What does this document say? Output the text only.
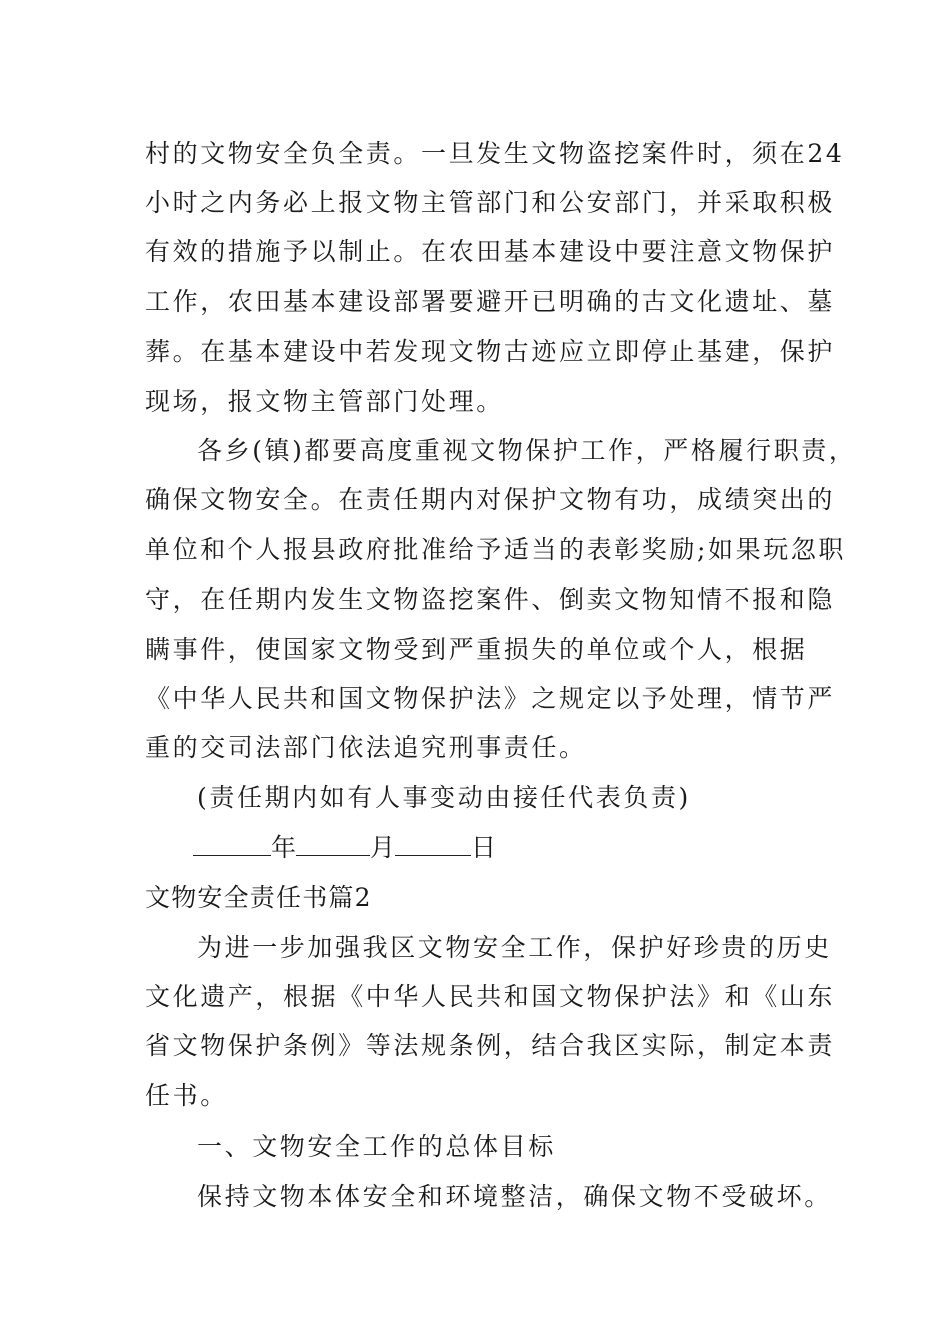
村的文物安全负全责。一旦发生文物盗挖案件时，须在24
小时之内务必上报文物主管部门和公安部门，并采取积极
有效的措施予以制止。在农田基本建设中要注意文物保护
工作，农田基本建设部署要避开已明确的古文化遗址、墓
葬。在基本建设中若发现文物古迹应立即停止基建，保护
现场，报文物主管部门处理。
各乡(镇)都要高度重视文物保护工作，严格履行职责，
确保文物安全。在责任期内对保护文物有功，成绩突出的
单位和个人报县政府批准给予适当的表彰奖励;如果玩忽职
守，在任期内发生文物盗挖案件、倒卖文物知情不报和隐
瞒事件，使国家文物受到严重损失的单位或个人，根据
《中华人民共和国文物保护法》之规定以予处理，情节严
重的交司法部门依法追究刑事责任。
(责任期内如有人事变动由接任代表负责)
年	月	日
文物安全责任书篇2
为进一步加强我区文物安全工作，保护好珍贵的历史
文化遗产，根据《中华人民共和国文物保护法》和《山东
省文物保护条例》等法规条例，结合我区实际，制定本责
任书。
一、文物安全工作的总体目标
保持文物本体安全和环境整洁，确保文物不受破坏。
